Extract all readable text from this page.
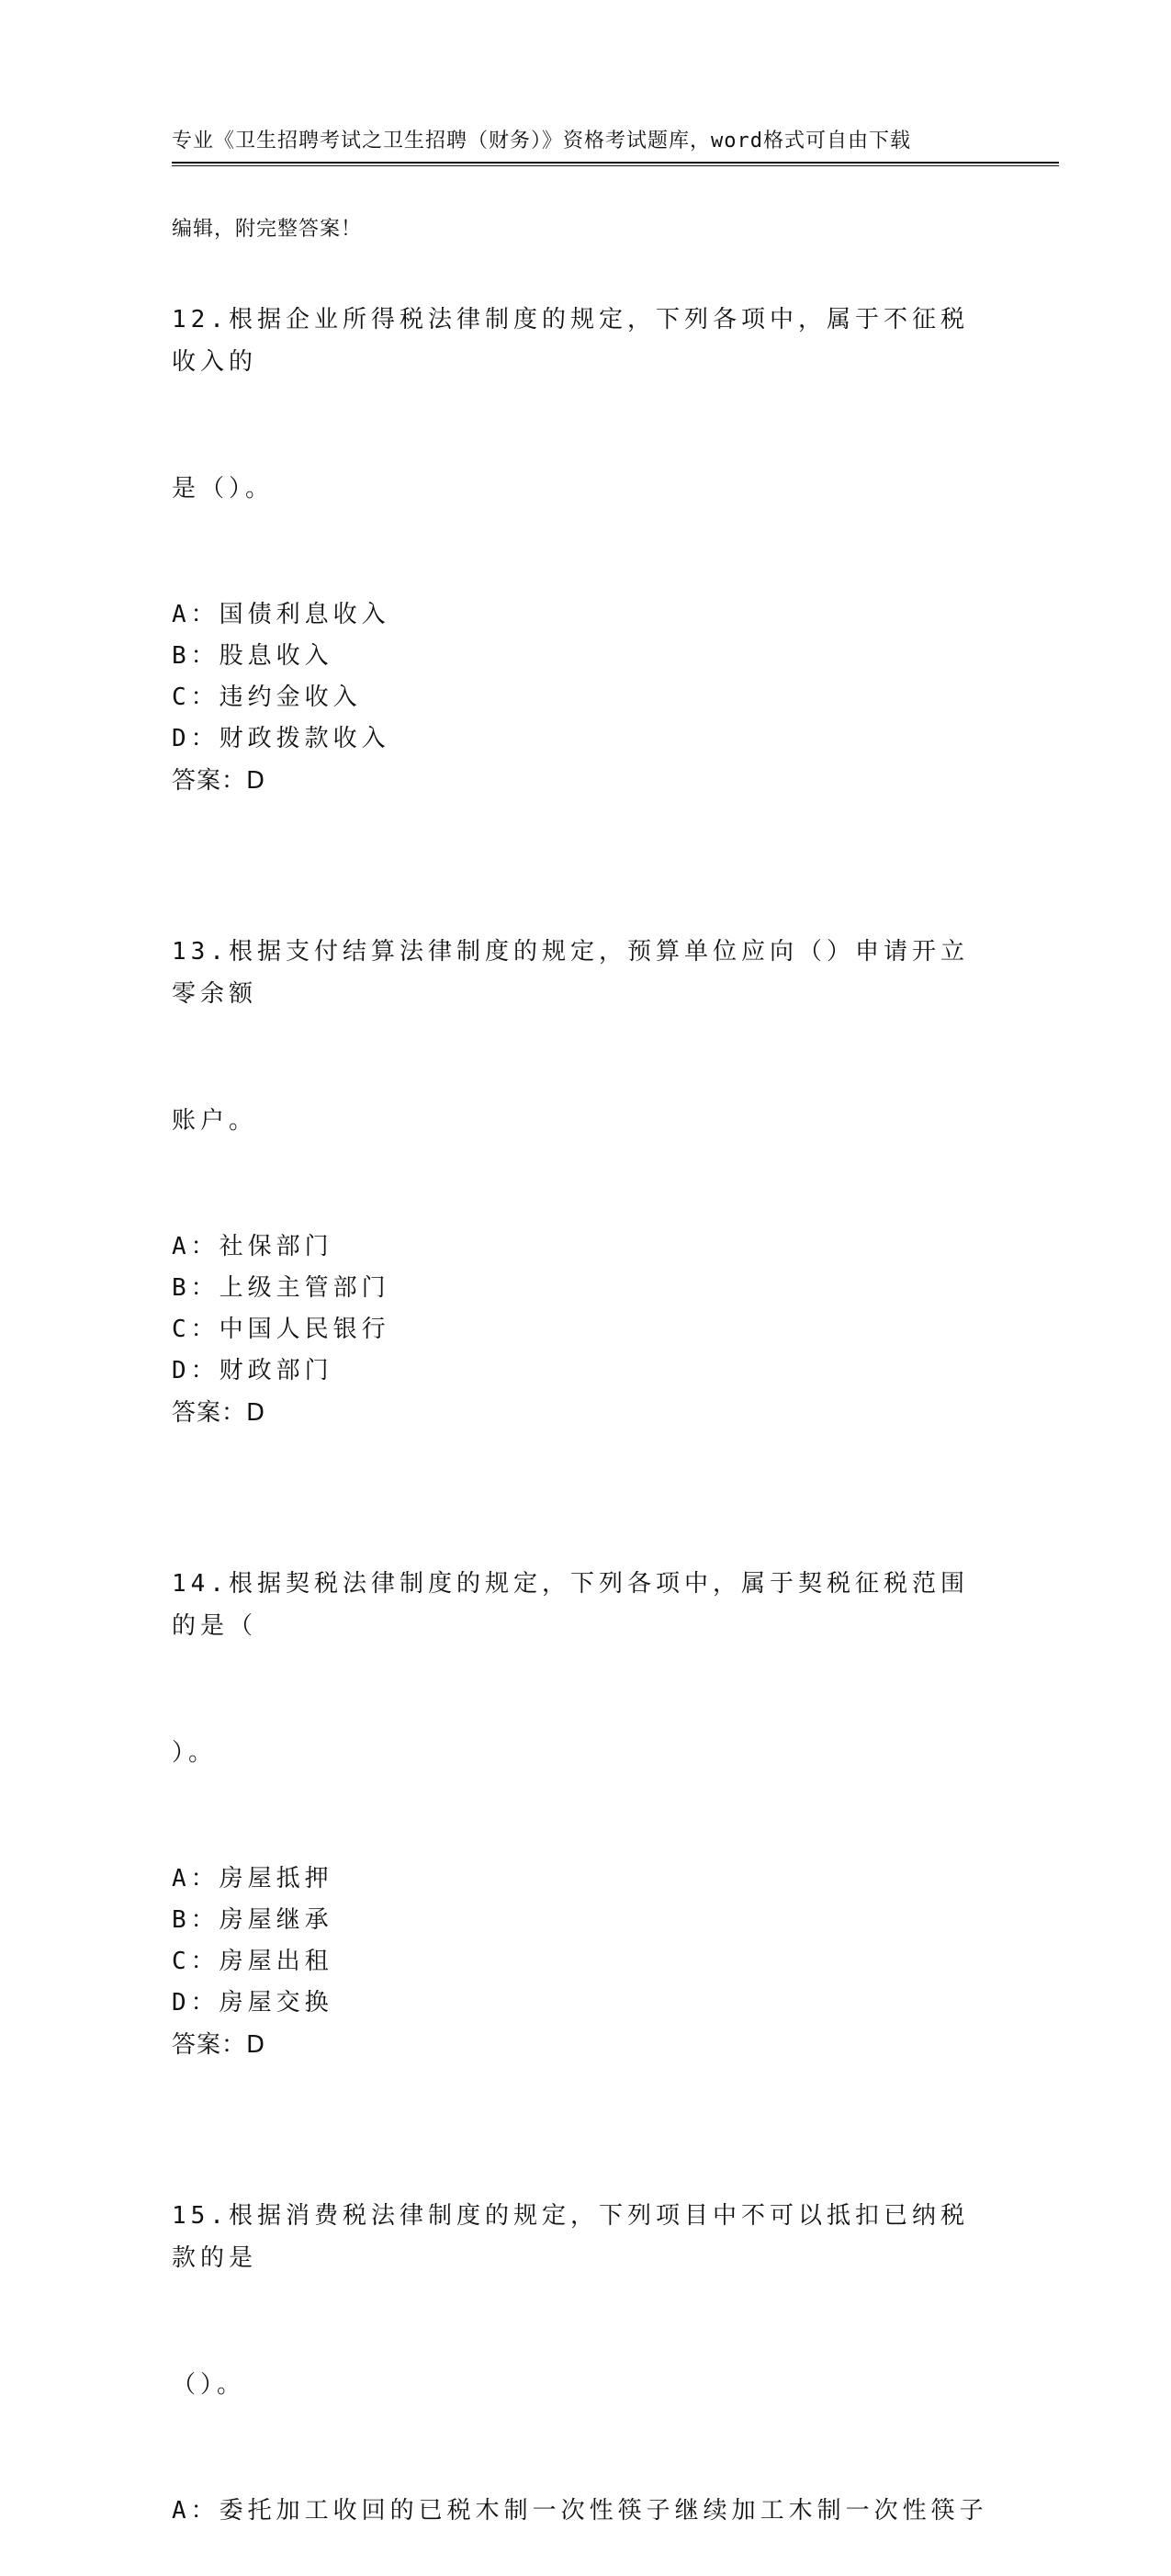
专业《卫生招聘考试之卫生招聘（财务）》资格考试题库，word格式可自由下载

编辑，附完整答案！

12.根据企业所得税法律制度的规定，下列各项中，属于不征税收入的

是（）。

A：国债利息收入
B：股息收入
C：违约金收入
D：财政拨款收入
答案：D

13.根据支付结算法律制度的规定，预算单位应向（）申请开立零余额

账户。

A：社保部门
B：上级主管部门
C：中国人民银行
D：财政部门
答案：D

14.根据契税法律制度的规定，下列各项中，属于契税征税范围的是（

）。

A：房屋抵押
B：房屋继承
C：房屋出租
D：房屋交换
答案：D

15.根据消费税法律制度的规定，下列项目中不可以抵扣已纳税款的是

（）。

A：委托加工收回的已税木制一次性筷子继续加工木制一次性筷子
